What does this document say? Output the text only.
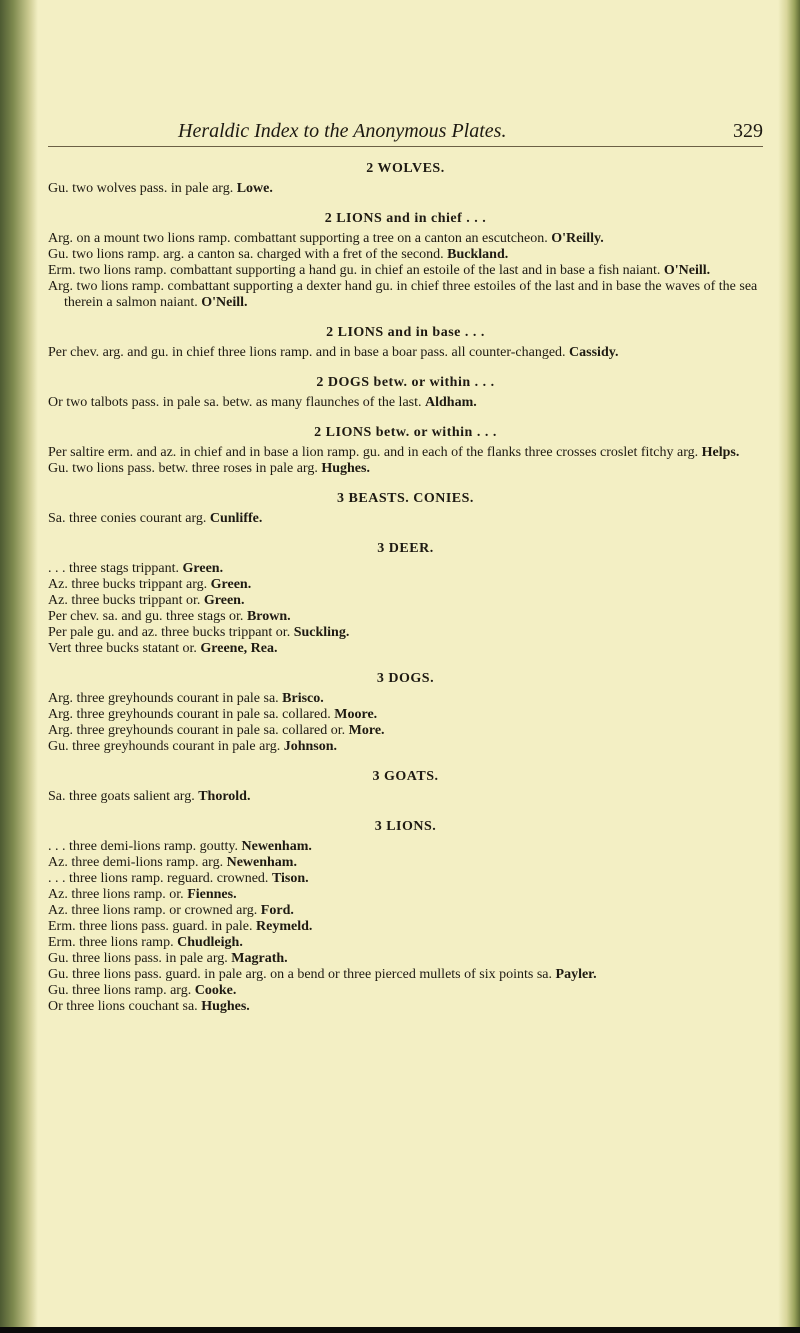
Heraldic Index to the Anonymous Plates.	329
2 WOLVES.

Gu. two wolves pass. in pale arg. Lowe.

2 LIONS and in chief . . .

Arg. on a mount two lions ramp. combattant supporting a tree on a canton an escutcheon. O'Reilly.

Gu. two lions ramp. arg. a canton sa. charged with a fret of the second. Buckland.

Erm. two lions ramp. combattant supporting a hand gu. in chief an estoile of the last and in base a fish naiant. O'Neill.

Arg. two lions ramp. combattant supporting a dexter hand gu. in chief three estoiles of the last and in base the waves of the sea therein a salmon naiant. O'Neill.

2 LIONS and in base . . .

Per chev. arg. and gu. in chief three lions ramp. and in base a boar pass. all counter-changed. Cassidy.

2 DOGS betw. or within . . .

Or two talbots pass. in pale sa. betw. as many flaunches of the last. Aldham.

2 LIONS betw. or within . . .

Per saltire erm. and az. in chief and in base a lion ramp. gu. and in each of the flanks three crosses croslet fitchy arg. Helps.

Gu. two lions pass. betw. three roses in pale arg. Hughes.

3 BEASTS. CONIES.

Sa. three conies courant arg. Cunliffe.

3 DEER.

. . . three stags trippant. Green.

Az. three bucks trippant arg. Green.

Az. three bucks trippant or. Green.

Per chev. sa. and gu. three stags or. Brown.

Per pale gu. and az. three bucks trippant or. Suckling.

Vert three bucks statant or. Greene, Rea.

3 DOGS.

Arg. three greyhounds courant in pale sa. Brisco.

Arg. three greyhounds courant in pale sa. collared. Moore.

Arg. three greyhounds courant in pale sa. collared or. More.

Gu. three greyhounds courant in pale arg. Johnson.

3 GOATS.

Sa. three goats salient arg. Thorold.

3 LIONS.

. . . three demi-lions ramp. goutty. Newenham.

Az. three demi-lions ramp. arg. Newenham.

. . . three lions ramp. reguard. crowned. Tison.

Az. three lions ramp. or. Fiennes.

Az. three lions ramp. or crowned arg. Ford.

Erm. three lions pass. guard. in pale. Reymeld.

Erm. three lions ramp. Chudleigh.

Gu. three lions pass. in pale arg. Magrath.

Gu. three lions pass. guard. in pale arg. on a bend or three pierced mullets of six points sa. Payler.

Gu. three lions ramp. arg. Cooke.

Or three lions couchant sa. Hughes.
